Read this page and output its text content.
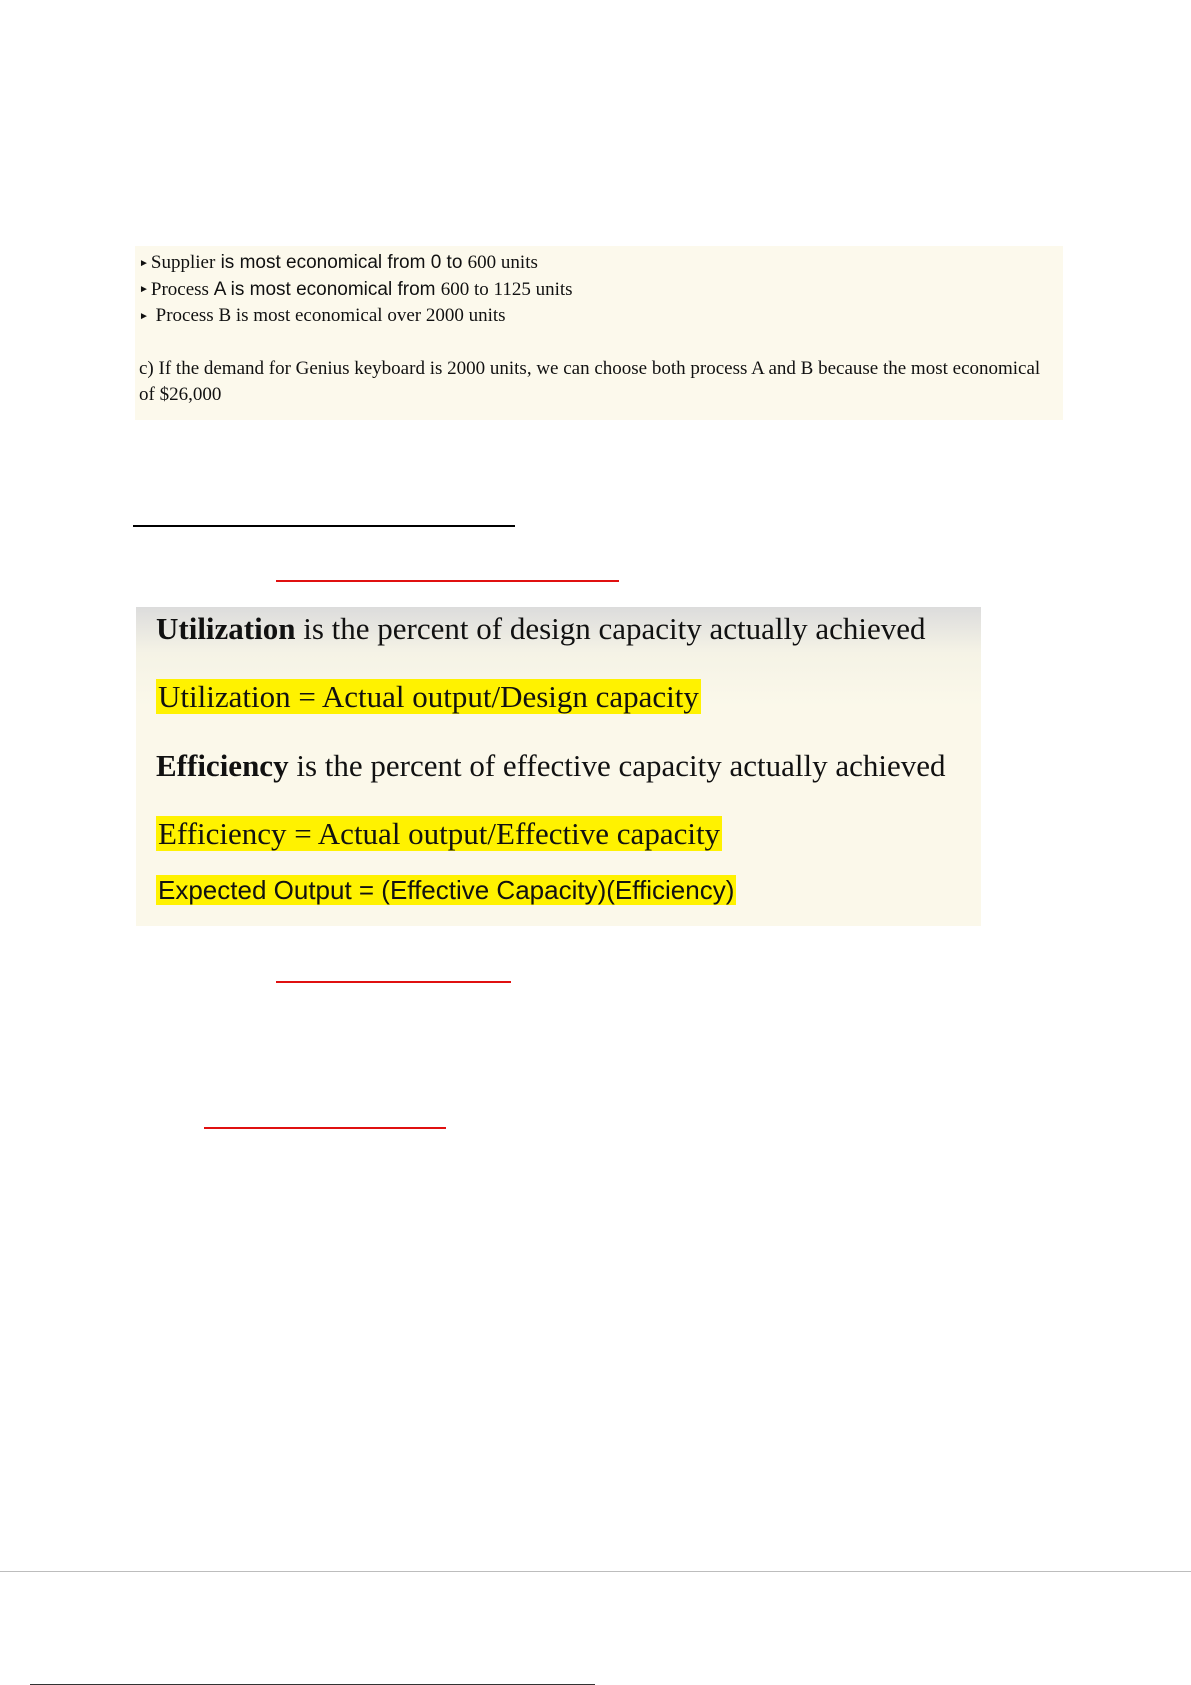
► Supplier is most economical from 0 to 600 units
► Process A is most economical from 600 to 1125 units
► Process B is most economical over 2000 units
c) If the demand for Genius keyboard is 2000 units, we can choose both process A and B because the most economical of $26,000
Utilization is the percent of design capacity actually achieved
Utilization = Actual output/Design capacity
Efficiency is the percent of effective capacity actually achieved
Efficiency = Actual output/Effective capacity
Expected Output = (Effective Capacity)(Efficiency)
